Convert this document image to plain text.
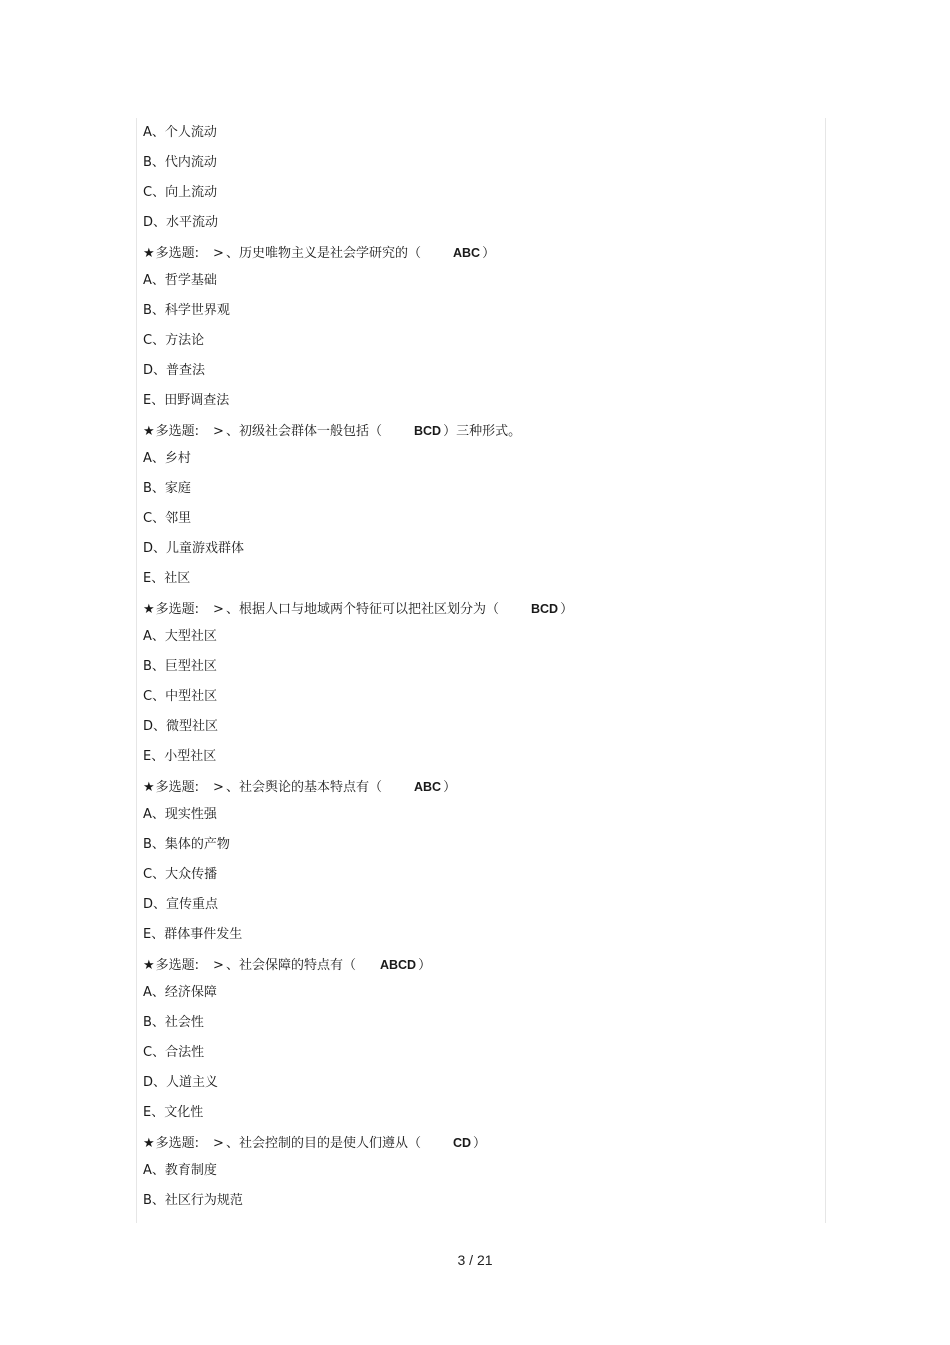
A、个人流动
B、代内流动
C、向上流动
D、水平流动
★多选题: > 、历史唯物主义是社会学研究的（	ABC ）
A、哲学基础
B、科学世界观
C、方法论
D、普查法
E、田野调查法
★多选题: > 、初级社会群体一般包括（	BCD ）三种形式。
A、乡村
B、家庭
C、邻里
D、儿童游戏群体
E、社区
★多选题: > 、根据人口与地域两个特征可以把社区划分为（	BCD ）
A、大型社区
B、巨型社区
C、中型社区
D、微型社区
E、小型社区
★多选题: > 、社会舆论的基本特点有（	ABC ）
A、现实性强
B、集体的产物
C、大众传播
D、宣传重点
E、群体事件发生
★多选题: > 、社会保障的特点有（ ABCD ）
A、经济保障
B、社会性
C、合法性
D、人道主义
E、文化性
★多选题: > 、社会控制的目的是使人们遵从（	CD ）
A、教育制度
B、社区行为规范
3 / 21
